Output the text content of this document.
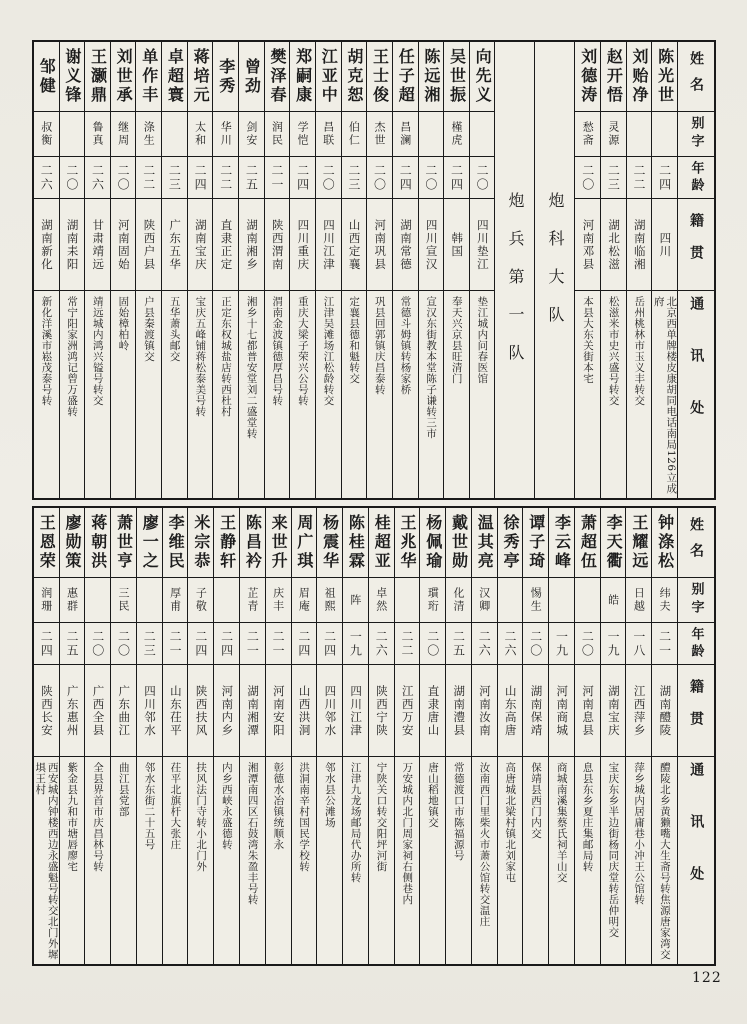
姓名
别字
年龄
籍贯
通讯处
陈光世
二四
四川
北京西单牌楼皮康胡同电话南局126立成府
刘贻净
二二
湖南临湘
岳州桃林市玉义丰转交
赵开悟
灵源
二三
湖北松滋
松滋米市史兴盛号转交
刘德涛
愁斋
二〇
河南邓县
本县大东关街本宅
炮科大队
炮兵第一队
向先义
二〇
四川垫江
垫江城内问春医馆
吴世振
槿虎
二四
韩国
奉天兴京县旺清门
陈远湘
二〇
四川宣汉
宣汉东街教本堂陈子谦转三市
任子超
昌澜
二四
湖南常德
常德斗姆镇转杨家桥
王士俊
杰世
二〇
河南巩县
巩县回郭镇庆昌泰转
胡克恕
伯仁
二三
山西定襄
定襄县德和魁转交
江亚中
昌联
二〇
四川江津
江津吴滩场江松龄转交
郑嗣康
学恺
二四
四川重庆
重庆大梁子荣兴公号转
樊泽春
润民
二一
陕西渭南
渭南金波镇德厚昌号转
曾劲
剑安
二五
湖南湘乡
湘乡十七都普安堂刘二盛堂转
李秀
华川
二二
直隶正定
正定东权城盐店转西杜村
蒋培元
太和
二四
湖南宝庆
宝庆五峰铺蒋松泰美号转
卓超寰
二三
广东五华
五华萧头邮交
单作丰
涤生
二二
陕西户县
户县秦渡镇交
刘世承
继周
二〇
河南固始
固始樟柏岭
王灏鼎
鲁真
二六
甘肃靖远
靖远城内鸿兴镒号转交
谢义锋
二〇
湖南耒阳
常宁阳家洲鸿记曾万盛转
邹健
叔衡
二六
湖南新化
新化洋溪市崧茂泰号转
姓名
别字
年龄
籍贯
通讯处
钟涤松
纬夫
二一
湖南醴陵
醴陵北乡黄獭嘴大生斋号转焦源唐家湾交
王耀远
日越
一八
江西萍乡
萍乡城内居庸巷小冲王公馆转
李天衢
皓
一九
湖南宝庆
宝庆东乡半边街杨同庆堂转岳仲明交
萧超伍
二〇
河南息县
息县东乡夏庄集邮局转
李云峰
一九
河南商城
商城南溪集蔡氏祠羊山交
谭子琦
惕生
二〇
湖南保靖
保靖县西门内交
徐秀亭
二六
山东高唐
高唐城北梁村镇北刘家屯
温其亮
汉卿
二六
河南汝南
汝南西门里柴火市萧公馆转交温庄
戴世勋
化清
二五
湖南澧县
常德渡口市陈福源号
杨佩瑜
瑻珩
二〇
直隶唐山
唐山稻地镇交
王兆华
二二
江西万安
万安城内北门周家祠右侧巷内
桂超亚
卓然
二六
陕西宁陕
宁陕关口转交阳坪河街
陈桂霖
阵
一九
四川江津
江津九龙场邮局代办所转
杨震华
祖熙
二四
四川邻水
邻水县公滩场
周广琪
眉庵
二四
山西洪洞
洪洞南辛村国民学校转
来世升
庆丰
二一
河南安阳
彰德水冶镇统顺永
陈昌衿
芷青
二一
湖南湘潭
湘潭南四区石鼓湾朱盈丰号转
王静轩
二四
河南内乡
内乡西峡永盛德转
米宗恭
子敬
二四
陕西扶风
扶风法门寺转小北门外
李维民
厚甫
二一
山东茌平
茌平北旗杆大张庄
廖一之
二三
四川邻水
邻水东街二十五号
萧世亨
三民
二〇
广东曲江
曲江县党部
蒋朝洪
二〇
广西全县
全县界首市庆昌林号转
廖勋策
惠群
二五
广东惠州
紫金县九和市塘唇廖宅
王恩荣
润珊
二四
陕西长安
西安城内钟楼西边永盛魁号转交北门外墀埧王村
122
